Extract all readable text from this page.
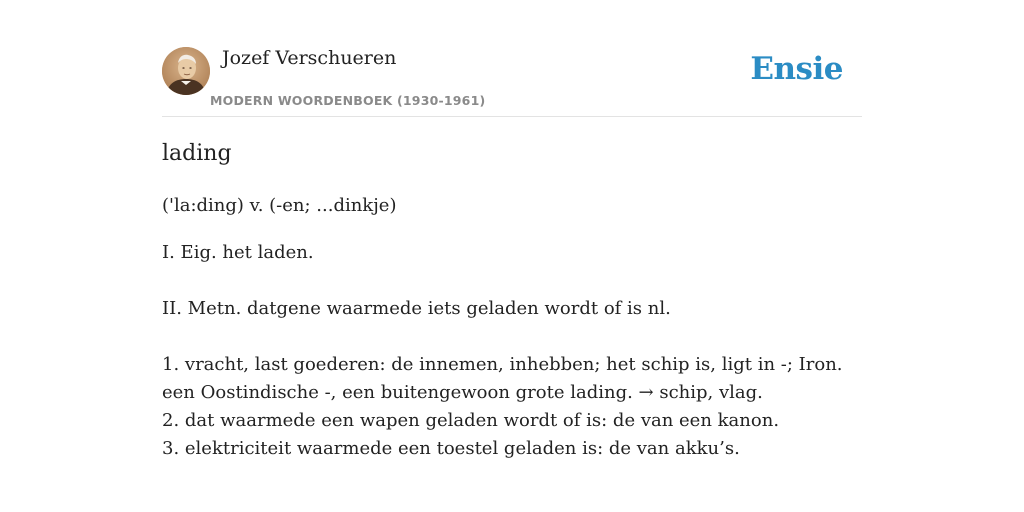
Jozef Verschueren
MODERN WOORDENBOEK (1930-1961)
Ensie
lading
('la:ding) v. (-en; ...dinkje)

I. Eig. het laden.

II. Metn. datgene waarmede iets geladen wordt of is nl.

1. vracht, last goederen: de innemen, inhebben; het schip is, ligt in -; Iron. een Oostindische -, een buitengewoon grote lading. → schip, vlag.

2. dat waarmede een wapen geladen wordt of is: de van een kanon.

3. elektriciteit waarmede een toestel geladen is: de van akku’s.
